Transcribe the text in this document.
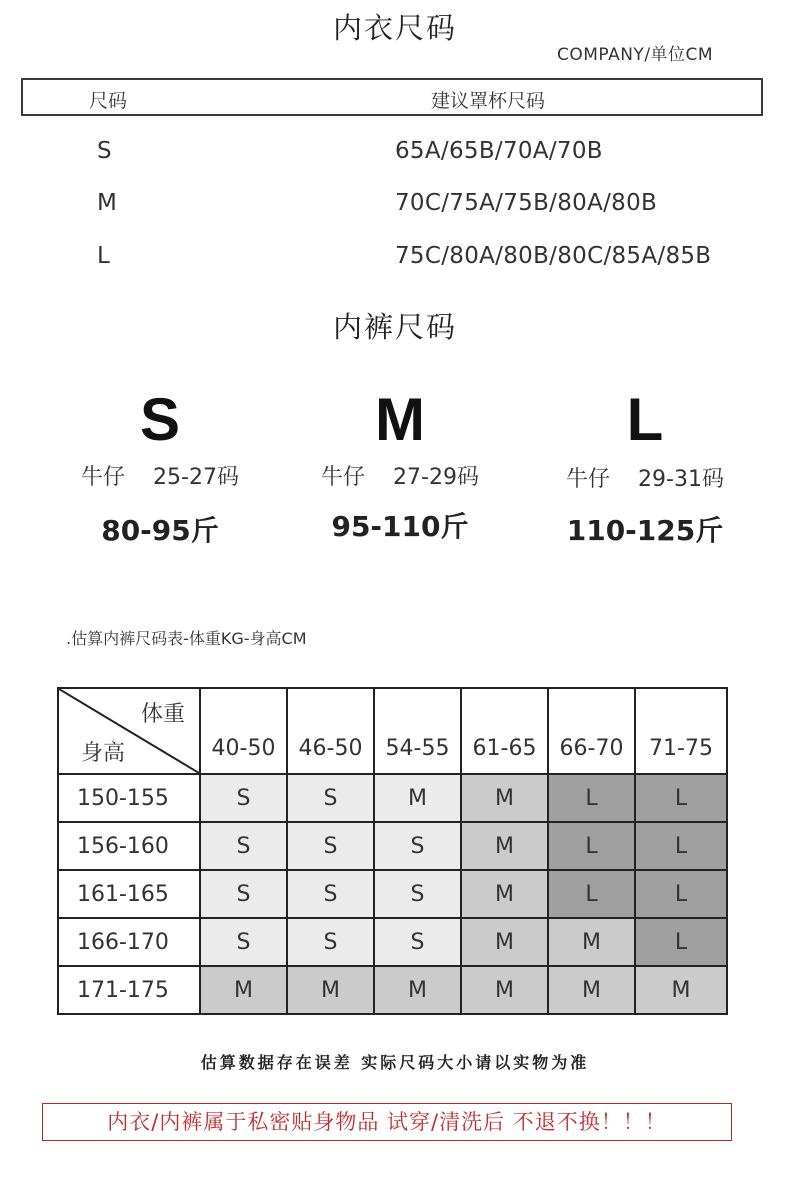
内衣尺码
COMPANY/单位CM
尺码	建议罩杯尺码
S	65A/65B/70A/70B
M	70C/75A/75B/80A/80B
L	75C/80A/80B/80C/85A/85B
内裤尺码
S
牛仔    25-27码
80-95斤
M
牛仔    27-29码
95-110斤
L
牛仔    29-31码
110-125斤
.估算内裤尺码表-体重KG-身高CM
体重
身高	40-50	46-50	54-55	61-65	66-70	71-75
150-155	S	S	M	M	L	L
156-160	S	S	S	M	L	L
161-165	S	S	S	M	L	L
166-170	S	S	S	M	M	L
171-175	M	M	M	M	M	M
估算数据存在误差 实际尺码大小请以实物为准
内衣/内裤属于私密贴身物品 试穿/清洗后 不退不换！！！
